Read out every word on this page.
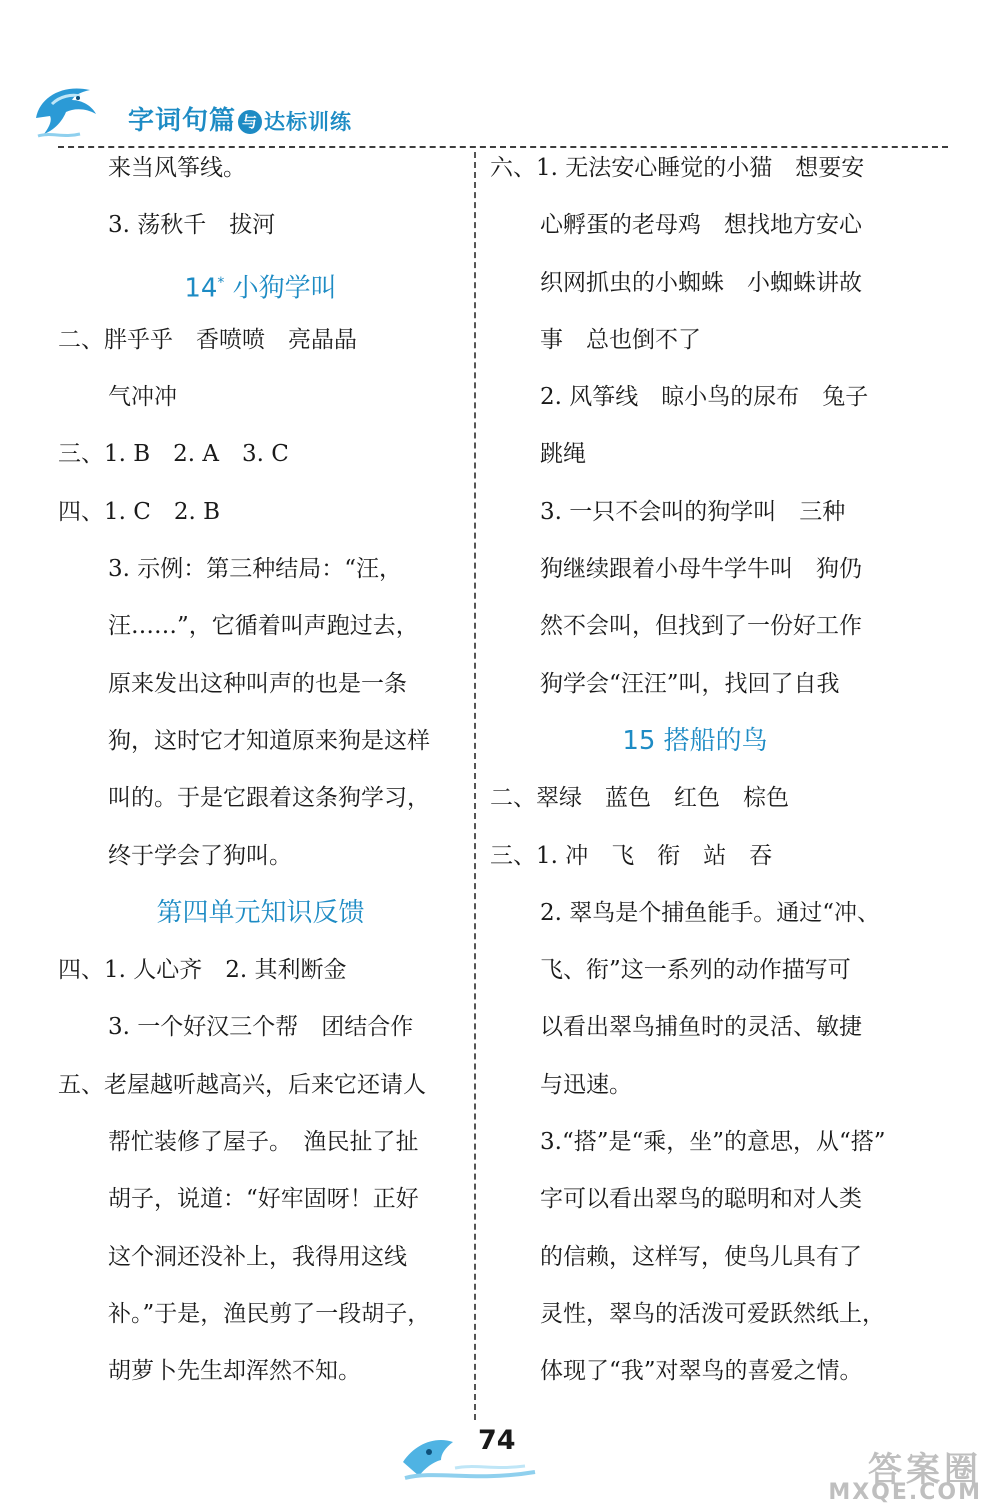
字词句篇 与 达标训练
来当风筝线。
3. 荡秋千　拔河
14* 小狗学叫
二、胖乎乎　香喷喷　亮晶晶
气冲冲
三、1. B　2. A　3. C
四、1. C　2. B
3. 示例：第三种结局：“汪，
汪……”，它循着叫声跑过去，
原来发出这种叫声的也是一条
狗，这时它才知道原来狗是这样
叫的。于是它跟着这条狗学习，
终于学会了狗叫。
第四单元知识反馈
四、1. 人心齐　2. 其利断金
3. 一个好汉三个帮　团结合作
五、老屋越听越高兴，后来它还请人
帮忙装修了屋子。　渔民扯了扯
胡子，说道：“好牢固呀！正好
这个洞还没补上，我得用这线
补。”于是，渔民剪了一段胡子，
胡萝卜先生却浑然不知。
六、1. 无法安心睡觉的小猫　想要安
心孵蛋的老母鸡　想找地方安心
织网抓虫的小蜘蛛　小蜘蛛讲故
事　总也倒不了
2. 风筝线　晾小鸟的尿布　兔子
跳绳
3. 一只不会叫的狗学叫　三种
狗继续跟着小母牛学牛叫　狗仍
然不会叫，但找到了一份好工作
狗学会“汪汪”叫，找回了自我
15 搭船的鸟
二、翠绿　蓝色　红色　棕色
三、1. 冲　飞　衔　站　吞
2. 翠鸟是个捕鱼能手。通过“冲、
飞、衔”这一系列的动作描写可
以看出翠鸟捕鱼时的灵活、敏捷
与迅速。
3.“搭”是“乘，坐”的意思，从“搭”
字可以看出翠鸟的聪明和对人类
的信赖，这样写，使鸟儿具有了
灵性，翠鸟的活泼可爱跃然纸上，
体现了“我”对翠鸟的喜爱之情。
74
答案圈
MXQE.COM
